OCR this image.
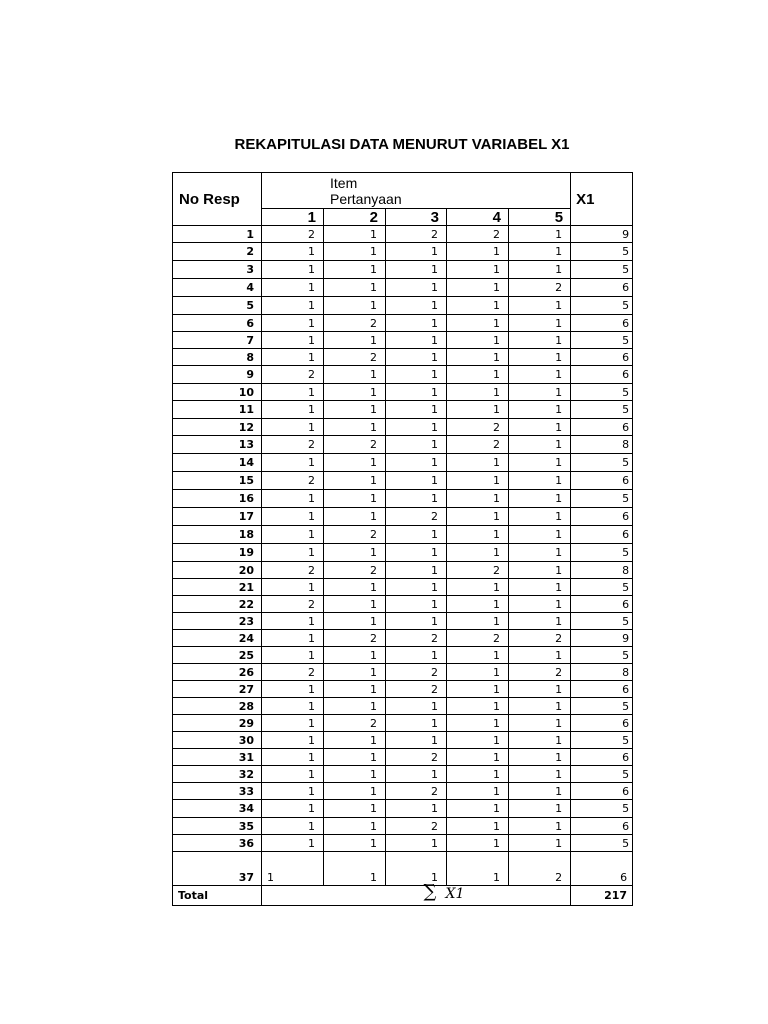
REKAPITULASI DATA MENURUT VARIABEL X1
No Resp	Item
Pertanyaan					X1
	1	2	3	4	5	
1	2	1	2	2	1	9
2	1	1	1	1	1	5
3	1	1	1	1	1	5
4	1	1	1	1	2	6
5	1	1	1	1	1	5
6	1	2	1	1	1	6
7	1	1	1	1	1	5
8	1	2	1	1	1	6
9	2	1	1	1	1	6
10	1	1	1	1	1	5
11	1	1	1	1	1	5
12	1	1	1	2	1	6
13	2	2	1	2	1	8
14	1	1	1	1	1	5
15	2	1	1	1	1	6
16	1	1	1	1	1	5
17	1	1	2	1	1	6
18	1	2	1	1	1	6
19	1	1	1	1	1	5
20	2	2	1	2	1	8
21	1	1	1	1	1	5
22	2	1	1	1	1	6
23	1	1	1	1	1	5
24	1	2	2	2	2	9
25	1	1	1	1	1	5
26	2	1	2	1	2	8
27	1	1	2	1	1	6
28	1	1	1	1	1	5
29	1	2	1	1	1	6
30	1	1	1	1	1	5
31	1	1	2	1	1	6
32	1	1	1	1	1	5
33	1	1	2	1	1	6
34	1	1	1	1	1	5
35	1	1	2	1	1	6
36	1	1	1	1	1	5
37	1	1	1	1	2	6
Total				∑ X1		217
